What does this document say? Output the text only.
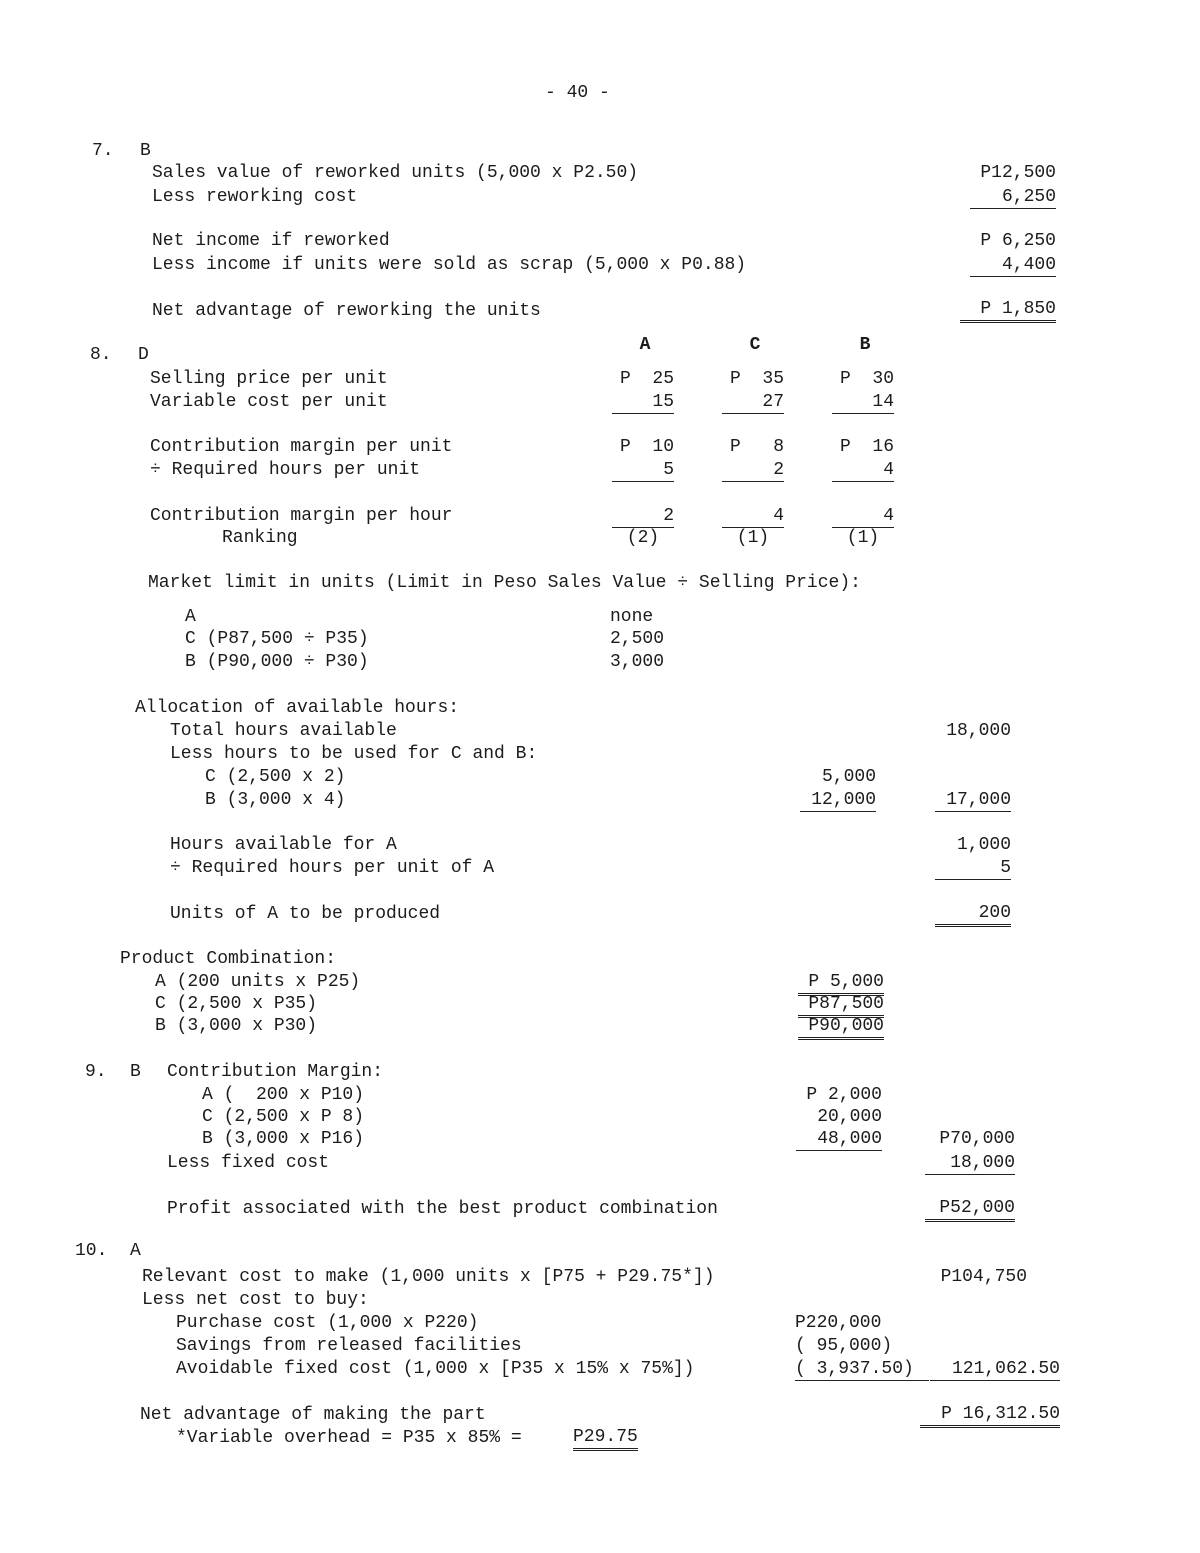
- 40 -
7. B
Sales value of reworked units (5,000 x P2.50)	P12,500
Less reworking cost	6,250
Net income if reworked	P 6,250
Less income if units were sold as scrap (5,000 x P0.88)	4,400
Net advantage of reworking the units	P 1,850
A	C	B
8. D
Selling price per unit	P  25	P  35	P  30
Variable cost per unit	15	27	14
Contribution margin per unit	P  10	P   8	P  16
÷ Required hours per unit	5	2	4
Contribution margin per hour	2	4	4
Ranking	(2)	(1)	(1)
Market limit in units (Limit in Peso Sales Value ÷ Selling Price):
A	none
C (P87,500 ÷ P35)	2,500
B (P90,000 ÷ P30)	3,000
Allocation of available hours:
Total hours available	18,000
Less hours to be used for C and B:
C (2,500 x 2)	5,000
B (3,000 x 4)	12,000	17,000
Hours available for A	1,000
÷ Required hours per unit of A	5
Units of A to be produced	200
Product Combination:
A (200 units x P25)	P 5,000
C (2,500 x P35)	P87,500
B (3,000 x P30)	P90,000
9. B Contribution Margin:
A (  200 x P10)	P 2,000
C (2,500 x P 8)	20,000
B (3,000 x P16)	48,000	P70,000
Less fixed cost	18,000
Profit associated with the best product combination	P52,000
10. A
Relevant cost to make (1,000 units x [P75 + P29.75*])	P104,750
Less net cost to buy:
Purchase cost (1,000 x P220)	P220,000
Savings from released facilities	( 95,000)
Avoidable fixed cost (1,000 x [P35 x 15% x 75%])	( 3,937.50)	121,062.50
Net advantage of making the part	P 16,312.50
*Variable overhead = P35 x 85% =	P29.75
